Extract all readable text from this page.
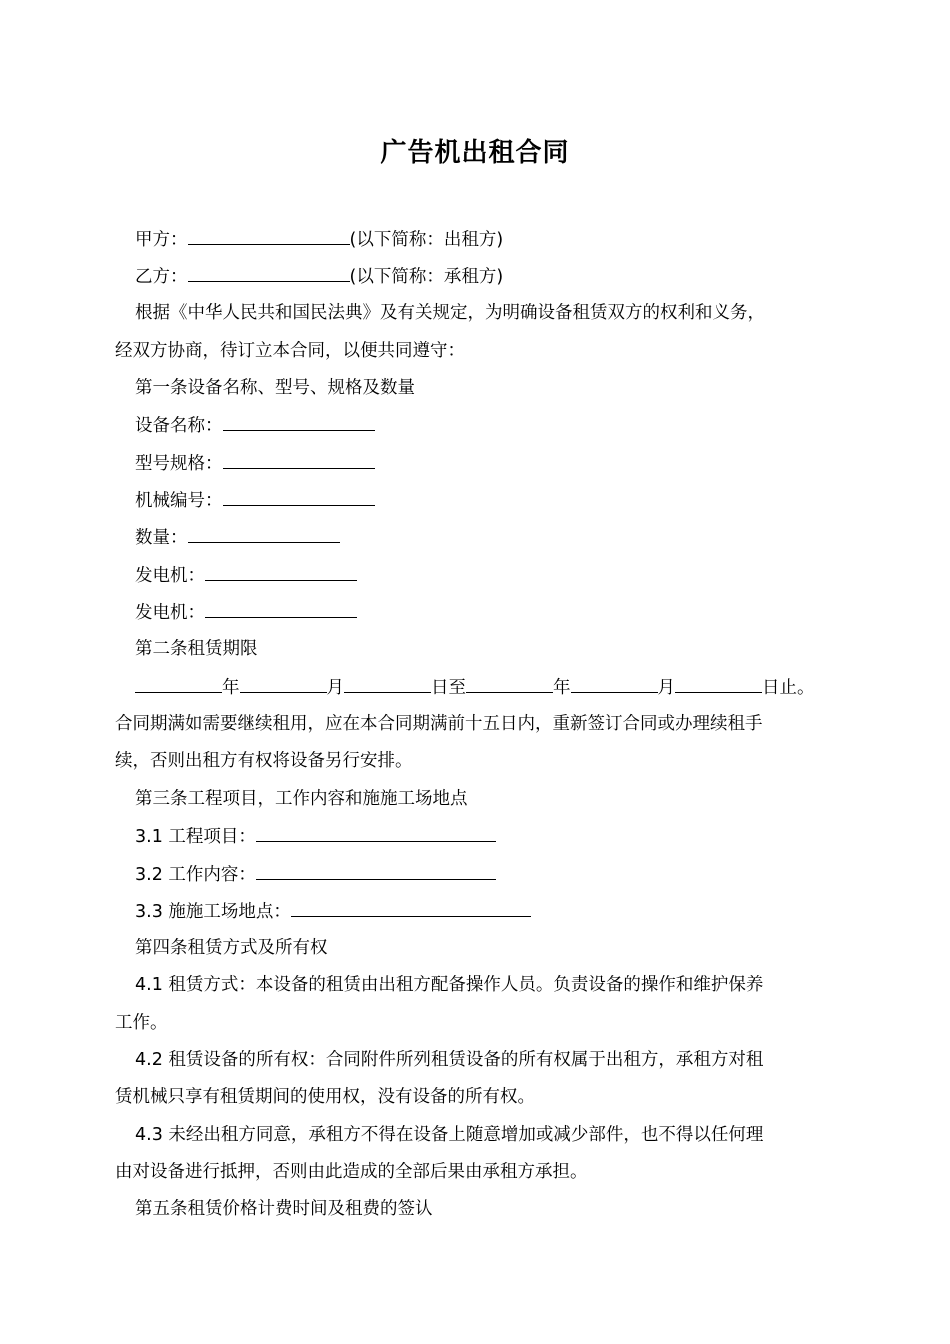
广告机出租合同
甲方：	(以下简称：出租方)
乙方：	(以下简称：承租方)
根据《中华人民共和国民法典》及有关规定，为明确设备租赁双方的权利和义务，
经双方协商，待订立本合同，以便共同遵守：
第一条设备名称、型号、规格及数量
设备名称：
型号规格：
机械编号：
数量：
发电机：
发电机：
第二条租赁期限
年	月	日至	年	月	日止。
合同期满如需要继续租用，应在本合同期满前十五日内，重新签订合同或办理续租手
续，否则出租方有权将设备另行安排。
第三条工程项目，工作内容和施施工场地点
3.1 工程项目：
3.2 工作内容：
3.3 施施工场地点：
第四条租赁方式及所有权
4.1 租赁方式：本设备的租赁由出租方配备操作人员。负责设备的操作和维护保养
工作。
4.2 租赁设备的所有权：合同附件所列租赁设备的所有权属于出租方，承租方对租
赁机械只享有租赁期间的使用权，没有设备的所有权。
4.3 未经出租方同意，承租方不得在设备上随意增加或减少部件，也不得以任何理
由对设备进行抵押，否则由此造成的全部后果由承租方承担。
第五条租赁价格计费时间及租费的签认
